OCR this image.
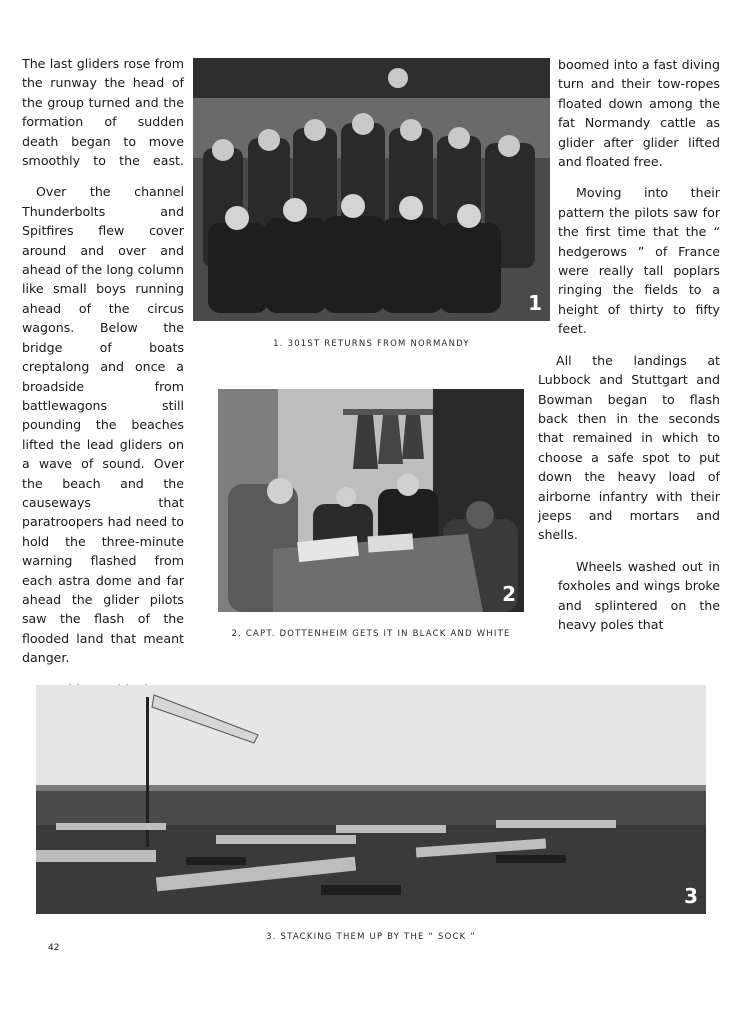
The last gliders rose from the runway the head of the group turned and the formation of sudden death began to move smoothly to the east.

Over the channel Thunderbolts and Spitfires flew cover around and over and ahead of the long column like small boys running ahead of the circus wagons. Below the bridge of boats creptalong and once a broadside from battlewagons still pounding the beaches lifted the lead gliders on a wave of sound. Over the beach and the causeways that paratroopers had need to hold the three-minute warning flashed from each astra dome and far ahead the glider pilots saw the flash of the flooded land that meant danger.

1
1. 301ST RETURNS FROM NORMANDY
2
2. CAPT. DOTTENHEIM GETS IT IN BLACK AND WHITE

boomed into a fast diving turn and their tow-ropes floated down among the fat Normandy cattle as glider after glider lifted and floated free.

Moving into their pattern the pilots saw for the first time that the “ hedgerows ” of France were really tall poplars ringing the fields to a height of thirty to fifty feet.

All the landings at Lubbock and Stuttgart and Bowman began to flash back then in the seconds that remained in which to choose a safe spot to put down the heavy load of airborne infantry with their jeeps and mortars and shells.

Wheels washed out in foxholes and wings broke and splintered on the heavy poles that

3
3. STACKING THEM UP BY THE “ SOCK ”
42
